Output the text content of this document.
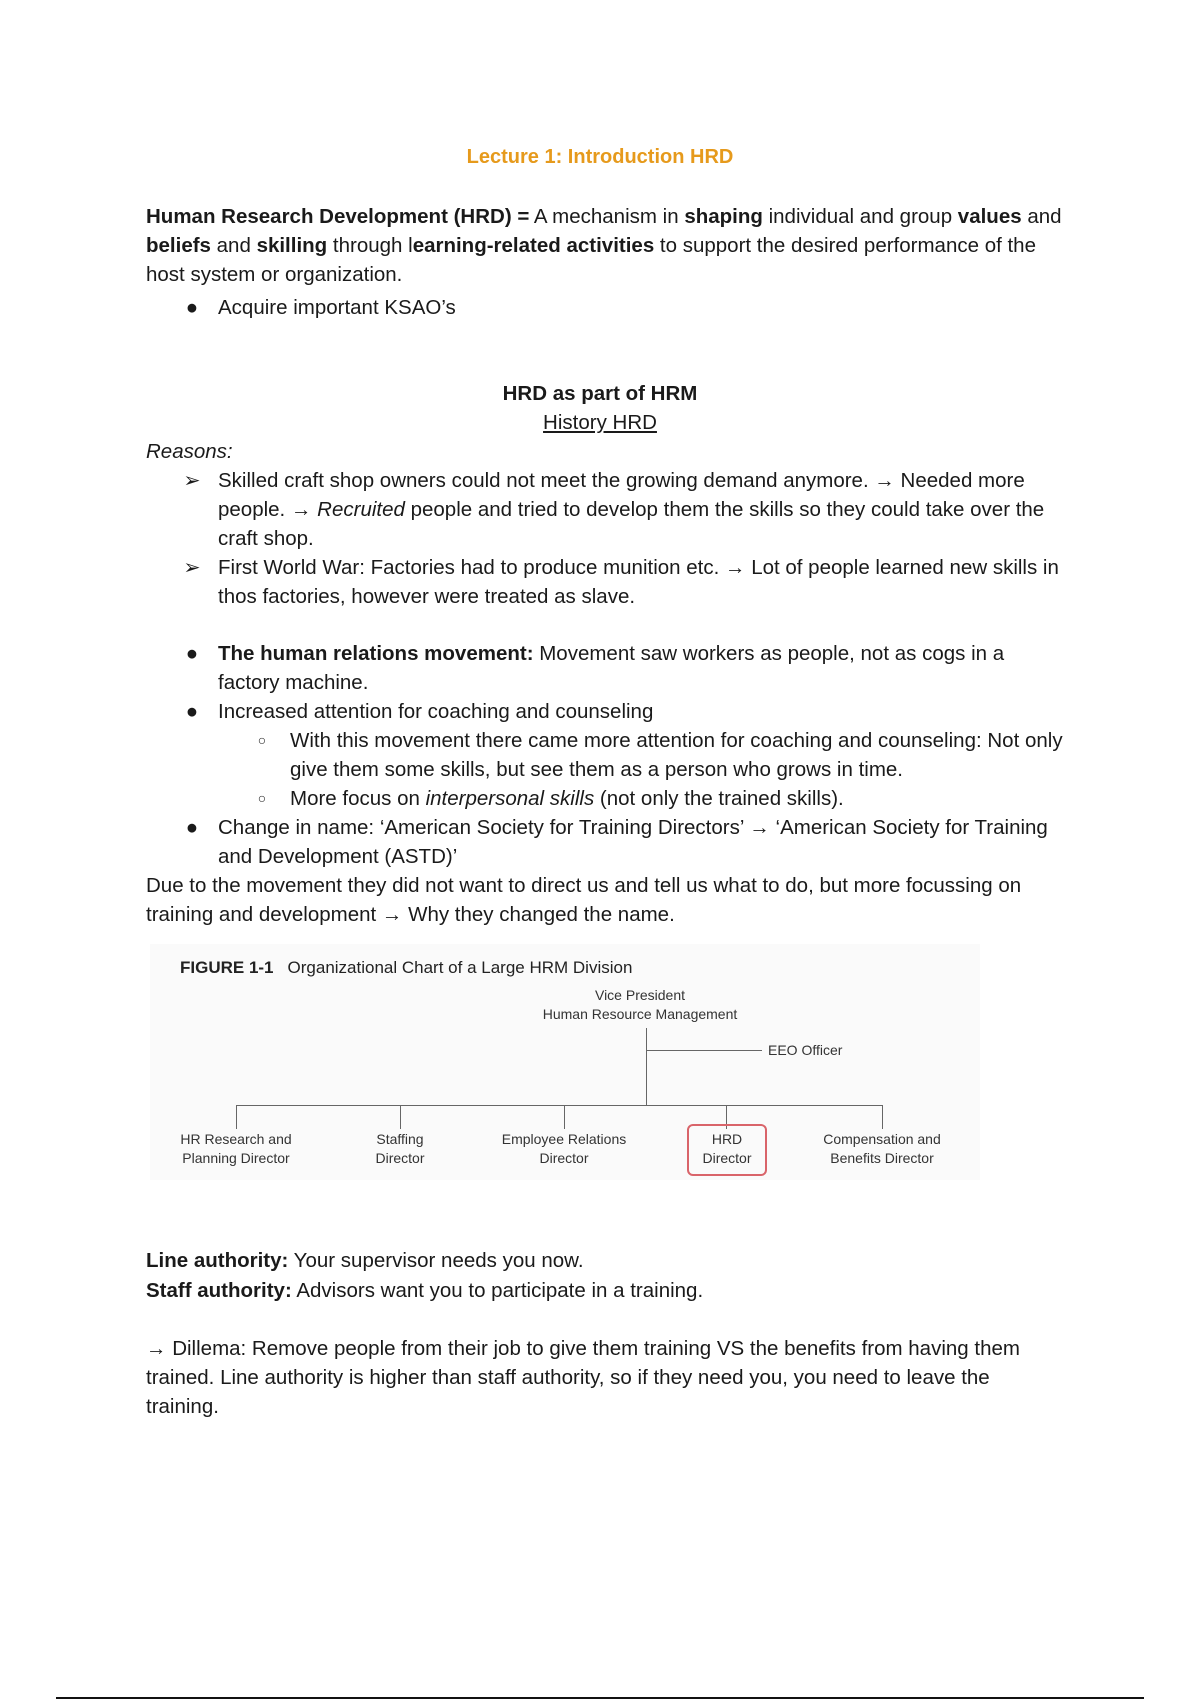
Lecture 1: Introduction HRD
Human Research Development (HRD) = A mechanism in shaping individual and group values and beliefs and skilling through learning-related activities to support the desired performance of the host system or organization.
● Acquire important KSAO’s
HRD as part of HRM
History HRD
Reasons:
➢ Skilled craft shop owners could not meet the growing demand anymore. → Needed more people. → Recruited people and tried to develop them the skills so they could take over the craft shop.
➢ First World War: Factories had to produce munition etc. → Lot of people learned new skills in thos factories, however were treated as slave.
● The human relations movement: Movement saw workers as people, not as cogs in a factory machine.
● Increased attention for coaching and counseling
○ With this movement there came more attention for coaching and counseling: Not only give them some skills, but see them as a person who grows in time.
○ More focus on interpersonal skills (not only the trained skills).
● Change in name: ‘American Society for Training Directors’ → ‘American Society for Training and Development (ASTD)’
Due to the movement they did not want to direct us and tell us what to do, but more focussing on training and development → Why they changed the name.
FIGURE 1-1 Organizational Chart of a Large HRM Division
Vice President
Human Resource Management
EEO Officer
HR Research and
Planning Director
Staffing
Director
Employee Relations
Director
HRD
Director
Compensation and
Benefits Director
Line authority: Your supervisor needs you now.
Staff authority: Advisors want you to participate in a training.
→ Dillema: Remove people from their job to give them training VS the benefits from having them trained. Line authority is higher than staff authority, so if they need you, you need to leave the training.
